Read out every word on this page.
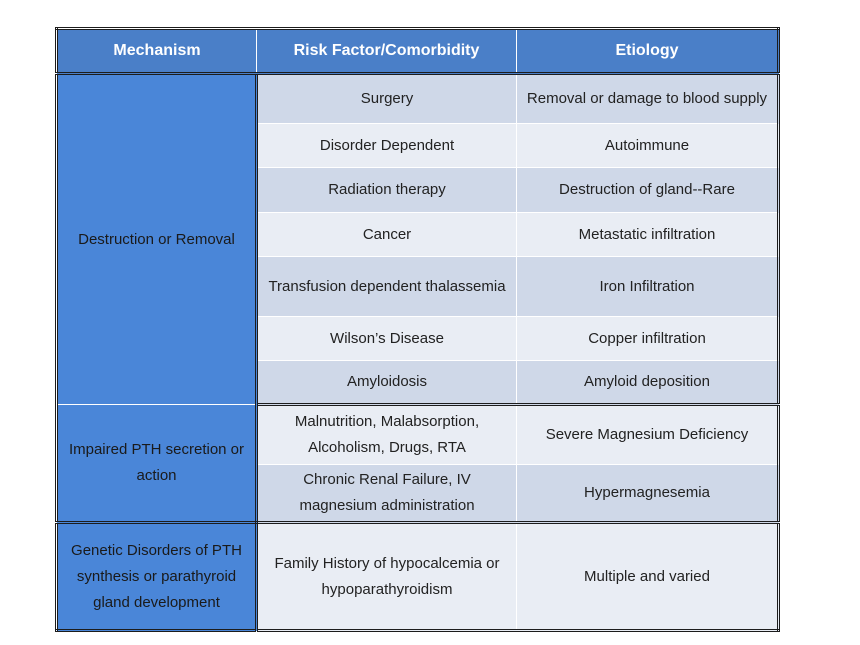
Mechanism	Risk Factor/Comorbidity	Etiology
Destruction or Removal	Surgery	Removal or damage to blood supply
	Disorder Dependent	Autoimmune
	Radiation therapy	Destruction of gland--Rare
	Cancer	Metastatic infiltration
	Transfusion dependent thalassemia	Iron Infiltration
	Wilson’s Disease	Copper infiltration
	Amyloidosis	Amyloid deposition
Impaired PTH secretion or action	Malnutrition, Malabsorption, Alcoholism, Drugs, RTA	Severe Magnesium Deficiency
	Chronic Renal Failure, IV magnesium administration	Hypermagnesemia
Genetic Disorders of PTH synthesis or parathyroid gland development	Family History of hypocalcemia or hypoparathyroidism	Multiple and varied
